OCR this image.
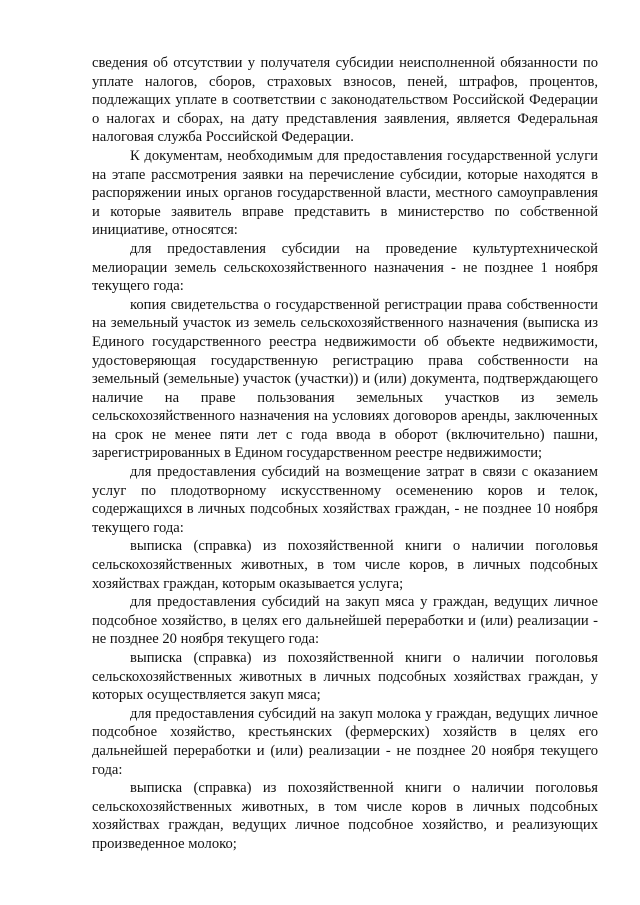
сведения об отсутствии у получателя субсидии неисполненной обязанности по уплате налогов, сборов, страховых взносов, пеней, штрафов, процентов, подлежащих уплате в соответствии с законодательством Российской Федерации о налогах и сборах, на дату представления заявления, является Федеральная налоговая служба Российской Федерации.

К документам, необходимым для предоставления государственной услуги на этапе рассмотрения заявки на перечисление субсидии, которые находятся в распоряжении иных органов государственной власти, местного самоуправления и которые заявитель вправе представить в министерство по собственной инициативе, относятся:

для предоставления субсидии на проведение культуртехнической мелиорации земель сельскохозяйственного назначения - не позднее 1 ноября текущего года:

копия свидетельства о государственной регистрации права собственности на земельный участок из земель сельскохозяйственного назначения (выписка из Единого государственного реестра недвижимости об объекте недвижимости, удостоверяющая государственную регистрацию права собственности на земельный (земельные) участок (участки)) и (или) документа, подтверждающего наличие на праве пользования земельных участков из земель сельскохозяйственного назначения на условиях договоров аренды, заключенных на срок не менее пяти лет с года ввода в оборот (включительно) пашни, зарегистрированных в Едином государственном реестре недвижимости;

для предоставления субсидий на возмещение затрат в связи с оказанием услуг по плодотворному искусственному осеменению коров и телок, содержащихся в личных подсобных хозяйствах граждан, - не позднее 10 ноября текущего года:

выписка (справка) из похозяйственной книги о наличии поголовья сельскохозяйственных животных, в том числе коров, в личных подсобных хозяйствах граждан, которым оказывается услуга;

для предоставления субсидий на закуп мяса у граждан, ведущих личное подсобное хозяйство, в целях его дальнейшей переработки и (или) реализации - не позднее 20 ноября текущего года:

выписка (справка) из похозяйственной книги о наличии поголовья сельскохозяйственных животных в личных подсобных хозяйствах граждан, у которых осуществляется закуп мяса;

для предоставления субсидий на закуп молока у граждан, ведущих личное подсобное хозяйство, крестьянских (фермерских) хозяйств в целях его дальнейшей переработки и (или) реализации - не позднее 20 ноября текущего года:

выписка (справка) из похозяйственной книги о наличии поголовья сельскохозяйственных животных, в том числе коров в личных подсобных хозяйствах граждан, ведущих личное подсобное хозяйство, и реализующих произведенное молоко;
